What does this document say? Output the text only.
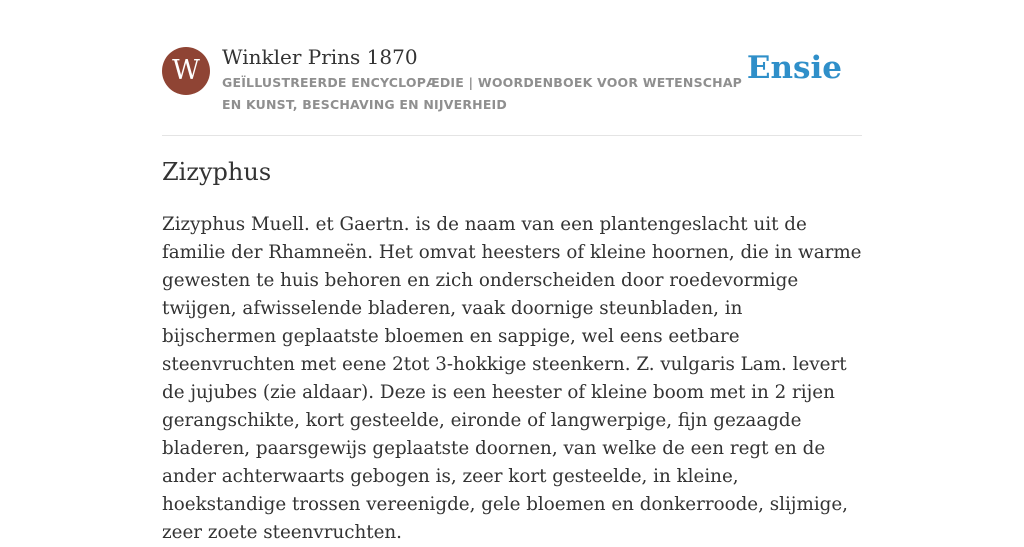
W	Winkler Prins 1870
GEÏLLUSTREERDE ENCYCLOPÆDIE | WOORDENBOEK VOOR WETENSCHAP EN KUNST, BESCHAVING EN NIJVERHEID
Ensie
Zizyphus

Zizyphus Muell. et Gaertn. is de naam van een plantengeslacht uit de familie der Rhamneën. Het omvat heesters of kleine hoornen, die in warme gewesten te huis behoren en zich onderscheiden door roedevormige twijgen, afwisselende bladeren, vaak doornige steunbladen, in bijschermen geplaatste bloemen en sappige, wel eens eetbare steenvruchten met eene 2tot 3-hokkige steenkern. Z. vulgaris Lam. levert de jujubes (zie aldaar). Deze is een heester of kleine boom met in 2 rijen gerangschikte, kort gesteelde, eironde of langwerpige, fijn gezaagde bladeren, paarsgewijs geplaatste doornen, van welke de een regt en de ander achterwaarts gebogen is, zeer kort gesteelde, in kleine, hoekstandige trossen vereenigde, gele bloemen en donkerroode, slijmige, zeer zoete steenvruchten.
